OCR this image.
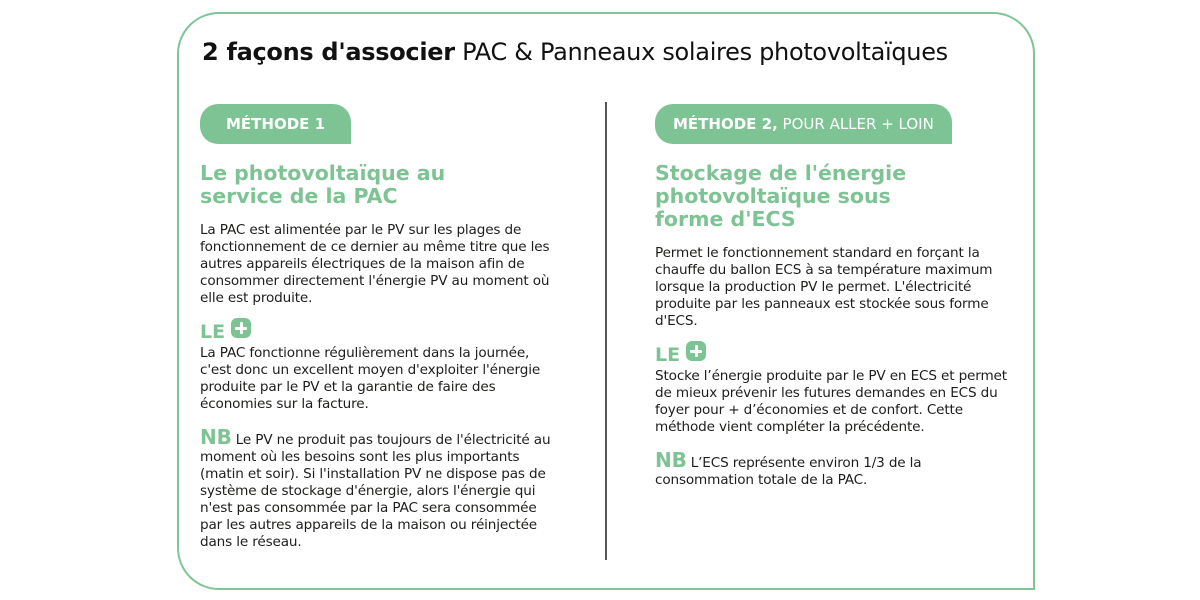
2 façons d'associer PAC & Panneaux solaires photovoltaïques
MÉTHODE 1
Le photovoltaïque au service de la PAC
La PAC est alimentée par le PV sur les plages de fonctionnement de ce dernier au même titre que les autres appareils électriques de la maison afin de consommer directement l'énergie PV au moment où elle est produite.
LE
La PAC fonctionne régulièrement dans la journée, c'est donc un excellent moyen d'exploiter l'énergie produite par le PV et la garantie de faire des économies sur la facture.
NB Le PV ne produit pas toujours de l'électricité au moment où les besoins sont les plus importants (matin et soir). Si l'installation PV ne dispose pas de système de stockage d'énergie, alors l'énergie qui n'est pas consommée par la PAC sera consommée par les autres appareils de la maison ou réinjectée dans le réseau.
MÉTHODE 2, POUR ALLER + LOIN
Stockage de l'énergie photovoltaïque sous forme d'ECS
Permet le fonctionnement standard en forçant la chauffe du ballon ECS à sa température maximum lorsque la production PV le permet. L'électricité produite par les panneaux est stockée sous forme d'ECS.
LE
Stocke l’énergie produite par le PV en ECS et permet de mieux prévenir les futures demandes en ECS du foyer pour + d’économies et de confort. Cette méthode vient compléter la précédente.
NB L’ECS représente environ 1/3 de la consommation totale de la PAC.
